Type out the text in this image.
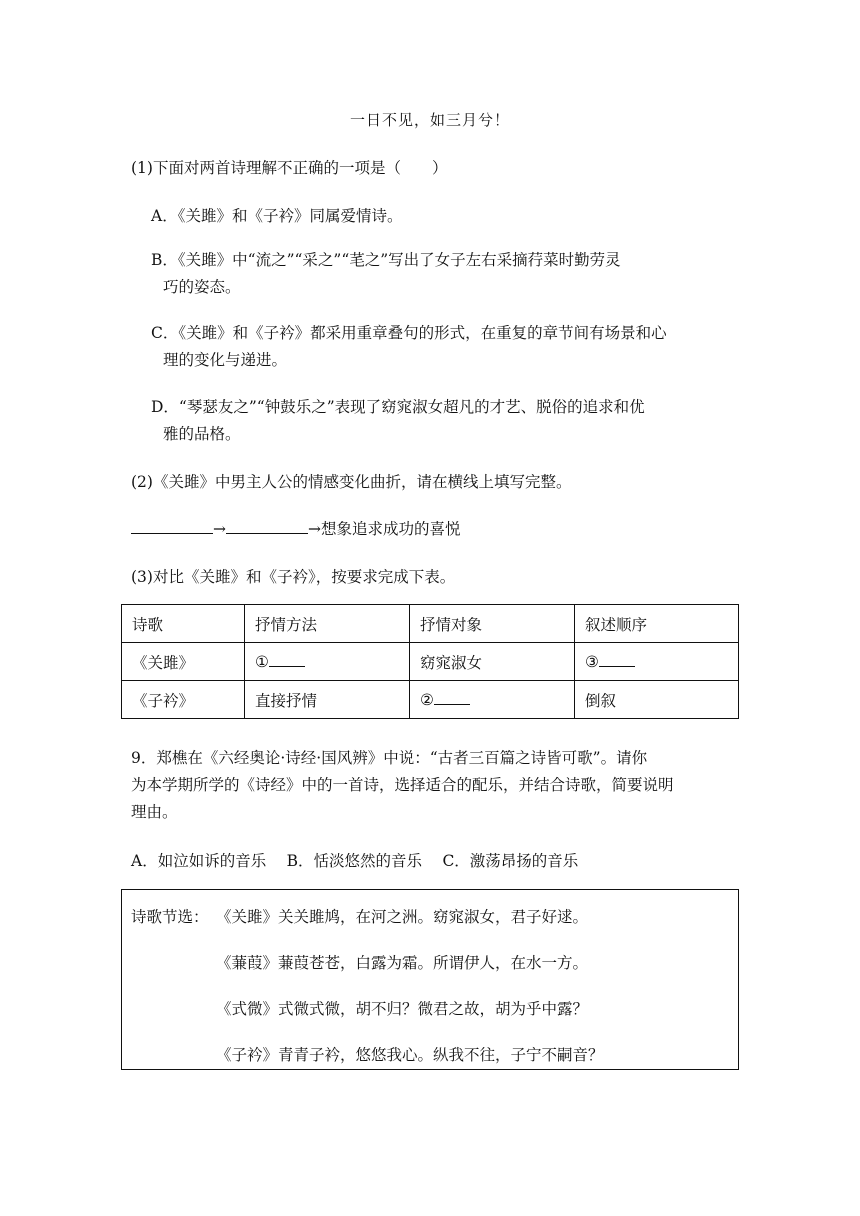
一日不见，如三月兮！
(1)下面对两首诗理解不正确的一项是（　　）
A．《关雎》和《子衿》同属爱情诗。
B．《关雎》中“流之”“采之”“芼之”写出了女子左右采摘荇菜时勤劳灵
巧的姿态。
C．《关雎》和《子衿》都采用重章叠句的形式，在重复的章节间有场景和心
理的变化与递进。
D．“琴瑟友之”“钟鼓乐之”表现了窈窕淑女超凡的才艺、脱俗的追求和优
雅的品格。
(2)《关雎》中男主人公的情感变化曲折，请在横线上填写完整。
→	→想象追求成功的喜悦
(3)对比《关雎》和《子衿》，按要求完成下表。
诗歌	抒情方法	抒情对象	叙述顺序
《关雎》	①	窈窕淑女	③
《子衿》	直接抒情	②	倒叙
9．郑樵在《六经奥论·诗经·国风辨》中说：“古者三百篇之诗皆可歌”。请你
为本学期所学的《诗经》中的一首诗，选择适合的配乐，并结合诗歌，简要说明
理由。
A．如泣如诉的音乐　 B．恬淡悠然的音乐　 C．激荡昂扬的音乐
诗歌节选： 《关雎》关关雎鸠，在河之洲。窈窕淑女，君子好逑。
《蒹葭》蒹葭苍苍，白露为霜。所谓伊人，在水一方。
《式微》式微式微，胡不归？微君之故，胡为乎中露？
《子衿》青青子衿，悠悠我心。纵我不往，子宁不嗣音？
